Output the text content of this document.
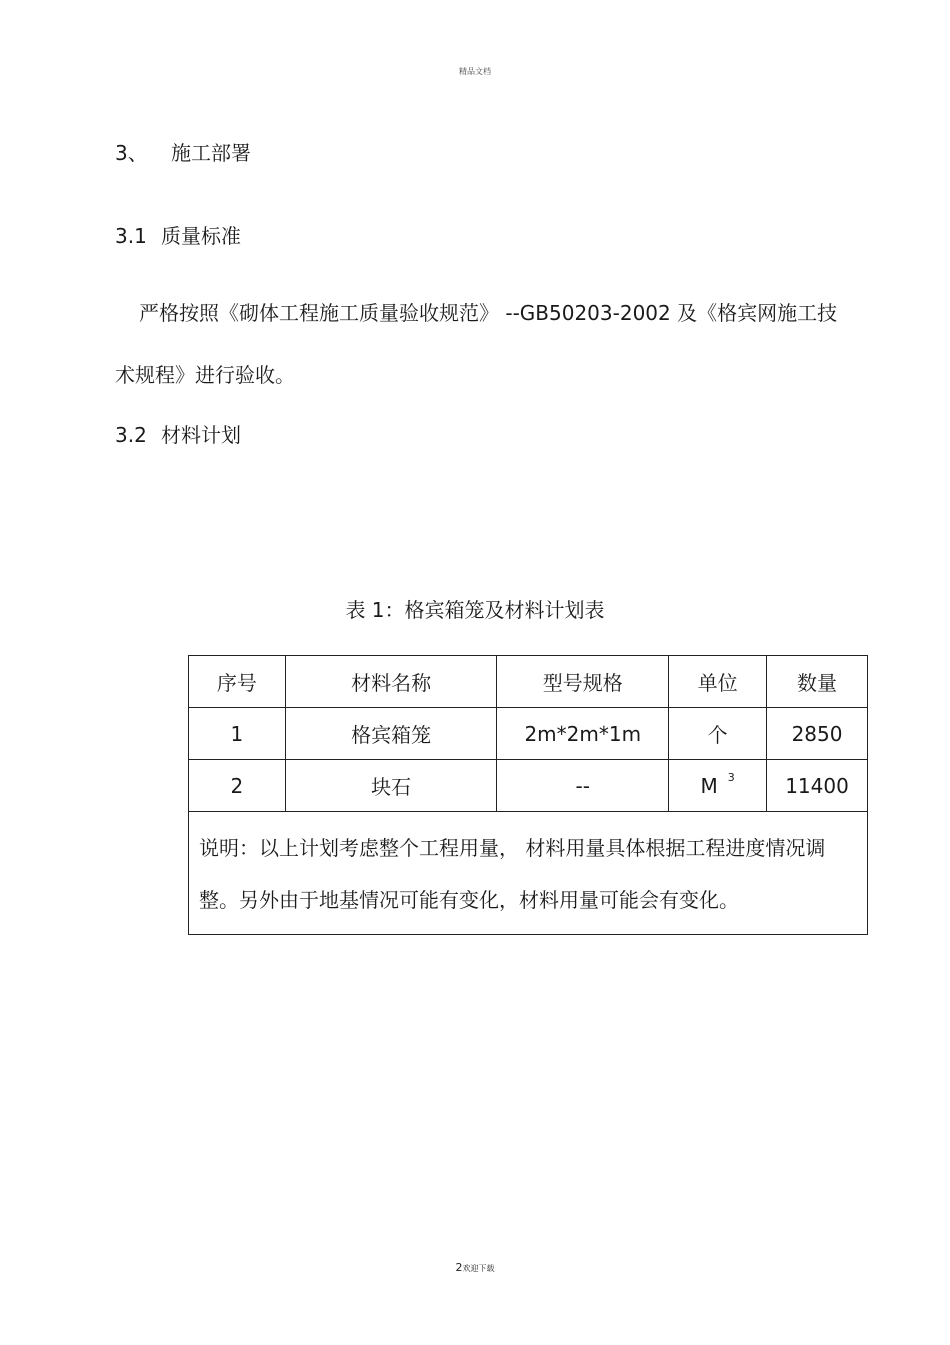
精品文档
3、 施工部署
3.1 质量标准
严格按照《砌体工程施工质量验收规范》 --GB50203-2002 及《格宾网施工技术规程》进行验收。
3.2 材料计划
表 1：格宾箱笼及材料计划表
序号	材料名称	型号规格	单位	数量
1	格宾箱笼	2m*2m*1m	个	2850
2	块石	--	M $^3$	11400
说明：以上计划考虑整个工程用量， 材料用量具体根据工程进度情况调整。另外由于地基情况可能有变化，材料用量可能会有变化。				
2欢迎下载
